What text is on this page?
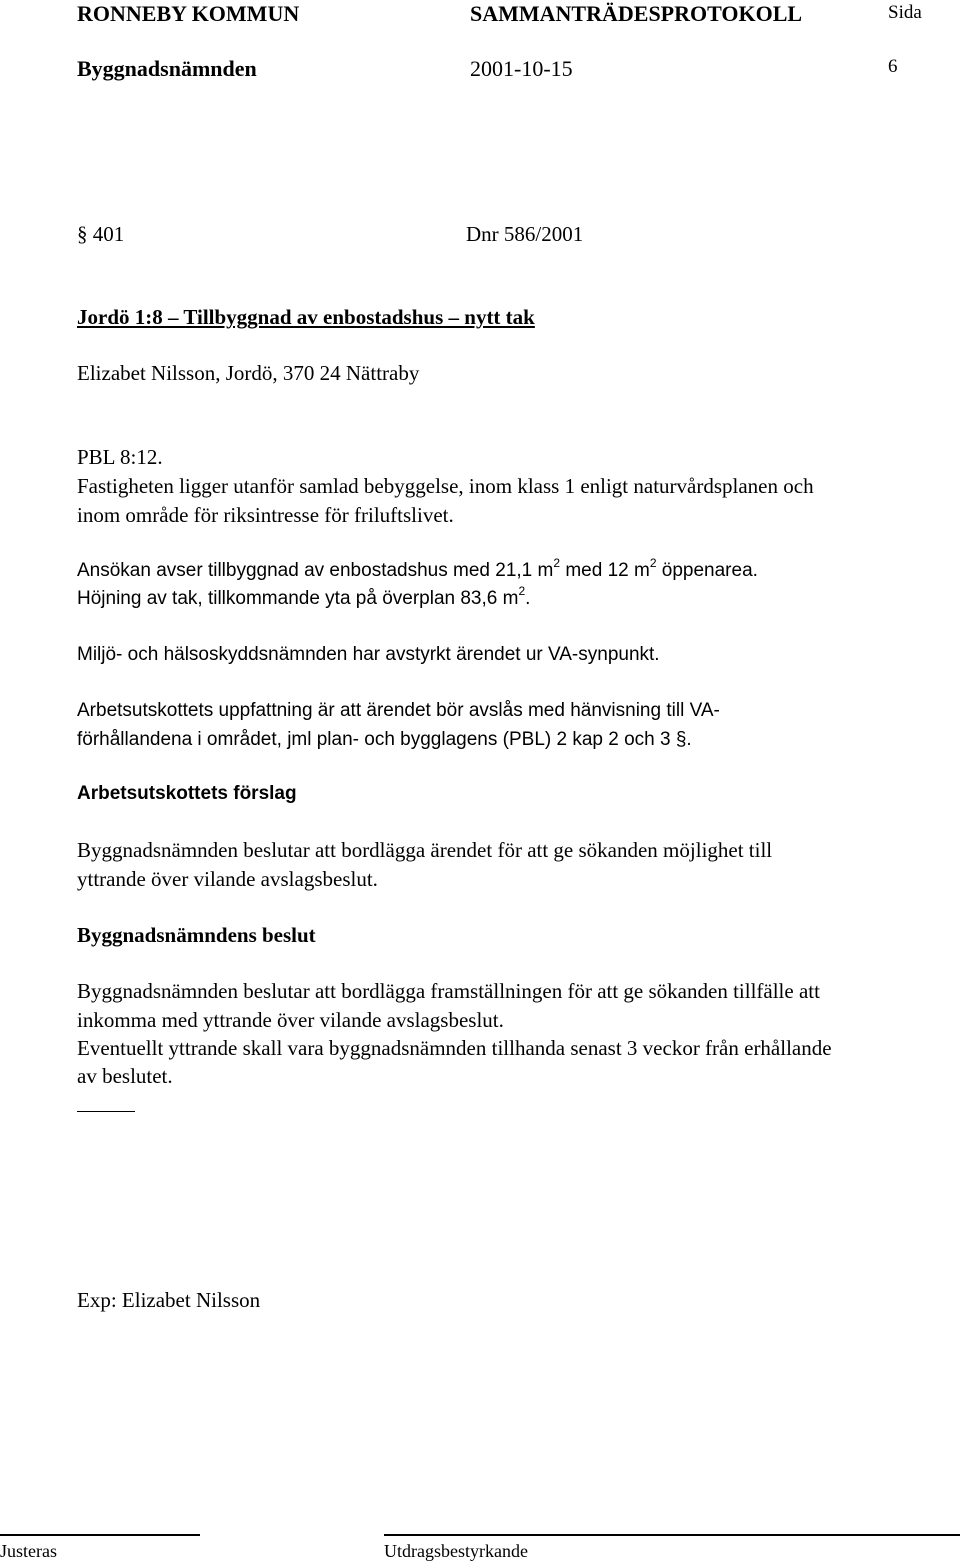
RONNEBY KOMMUN	SAMMANTRÄDESPROTOKOLL	Sida
Byggnadsnämnden	2001-10-15	6
§ 401	Dnr 586/2001
Jordö 1:8 – Tillbyggnad av enbostadshus – nytt tak
Elizabet Nilsson, Jordö, 370 24 Nättraby
PBL 8:12.
Fastigheten ligger utanför samlad bebyggelse, inom klass 1 enligt naturvårdsplanen och
inom område för riksintresse för friluftslivet.
Ansökan avser tillbyggnad av enbostadshus med 21,1 $m^2$ med 12 $m^2$ öppenarea.
Höjning av tak, tillkommande yta på överplan 83,6 $m^2$.
Miljö- och hälsoskyddsnämnden har avstyrkt ärendet ur VA-synpunkt.
Arbetsutskottets uppfattning är att ärendet bör avslås med hänvisning till VA-
förhållandena i området, jml plan- och bygglagens (PBL) 2 kap 2 och 3 §.
Arbetsutskottets förslag
Byggnadsnämnden beslutar att bordlägga ärendet för att ge sökanden möjlighet till
yttrande över vilande avslagsbeslut.
Byggnadsnämndens beslut
Byggnadsnämnden beslutar att bordlägga framställningen för att ge sökanden tillfälle att
inkomma med yttrande över vilande avslagsbeslut.
Eventuellt yttrande skall vara byggnadsnämnden tillhanda senast 3 veckor från erhållande
av beslutet.
Exp: Elizabet Nilsson
Justeras	Utdragsbestyrkande
